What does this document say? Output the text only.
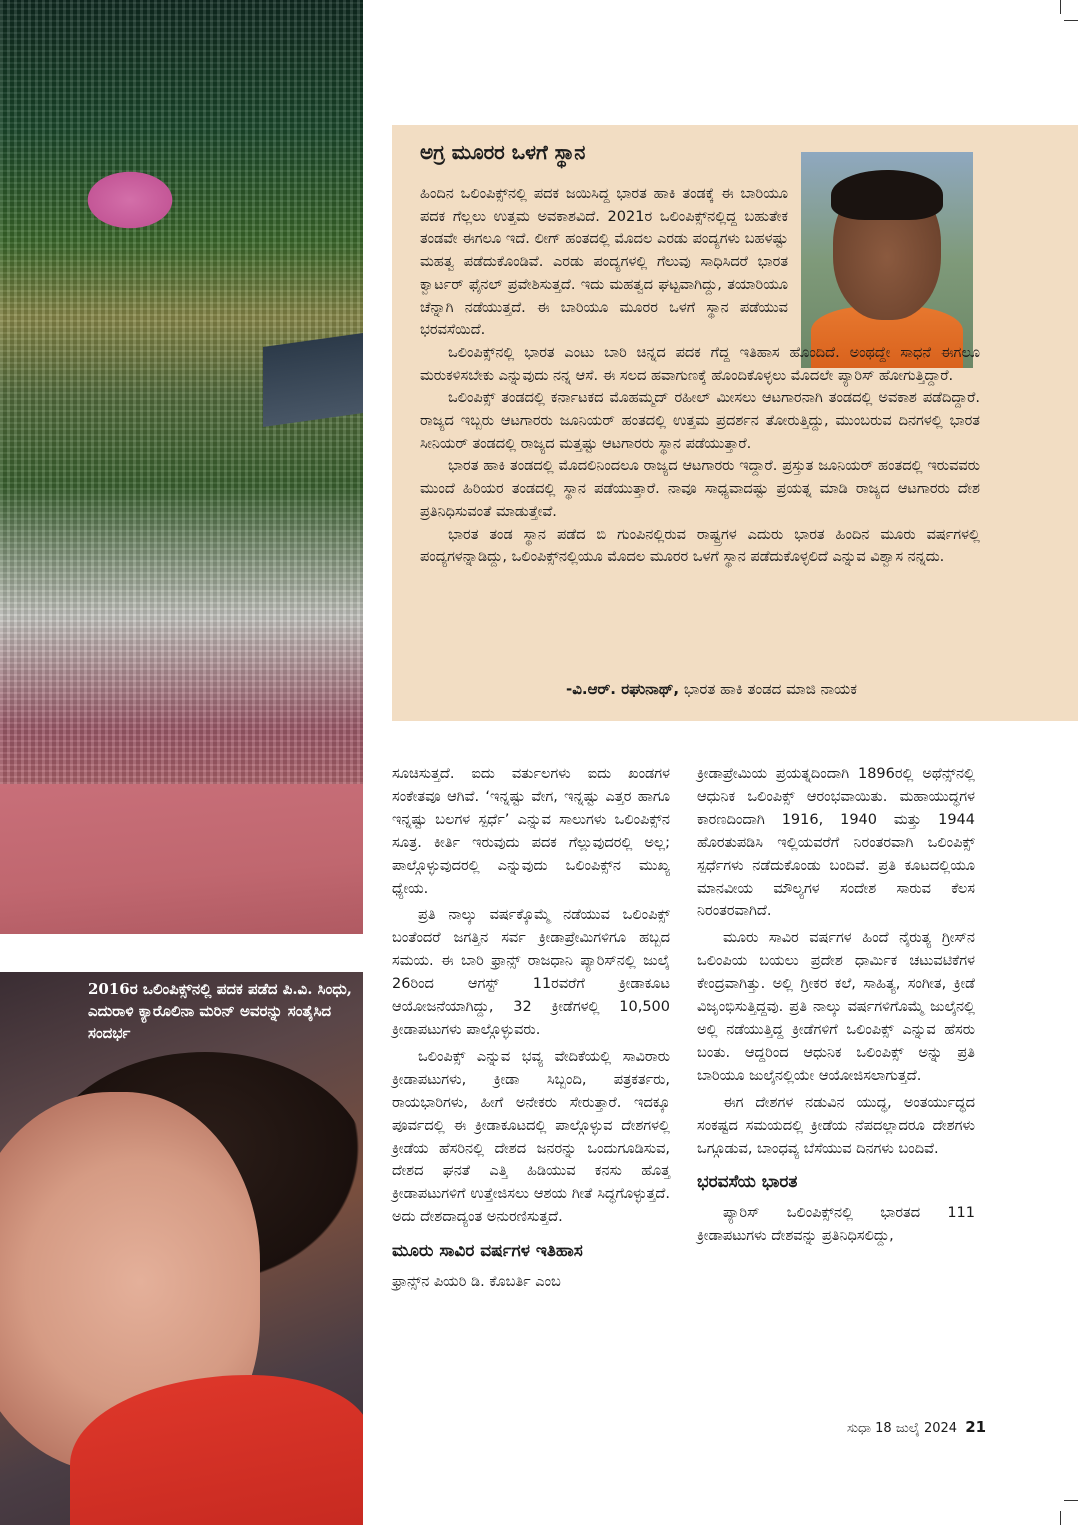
2016ರ ಒಲಿಂಪಿಕ್ಸ್‌ನಲ್ಲಿ ಪದಕ ಪಡೆದ ಪಿ.ವಿ. ಸಿಂಧು, ಎದುರಾಳಿ ಕ್ಯಾರೊಲಿನಾ ಮರಿನ್ ಅವರನ್ನು ಸಂತೈಸಿದ ಸಂದರ್ಭ
ಅಗ್ರ ಮೂರರ ಒಳಗೆ ಸ್ಥಾನ

ಹಿಂದಿನ ಒಲಿಂಪಿಕ್ಸ್‌ನಲ್ಲಿ ಪದಕ ಜಯಿಸಿದ್ದ ಭಾರತ ಹಾಕಿ ತಂಡಕ್ಕೆ ಈ ಬಾರಿಯೂ ಪದಕ ಗೆಲ್ಲಲು ಉತ್ತಮ ಅವಕಾಶವಿದೆ. 2021ರ ಒಲಿಂಪಿಕ್ಸ್‌ನಲ್ಲಿದ್ದ ಬಹುತೇಕ ತಂಡವೇ ಈಗಲೂ ಇದೆ. ಲೀಗ್ ಹಂತದಲ್ಲಿ ಮೊದಲ ಎರಡು ಪಂದ್ಯಗಳು ಬಹಳಷ್ಟು ಮಹತ್ವ ಪಡೆದುಕೊಂಡಿವೆ. ಎರಡು ಪಂದ್ಯಗಳಲ್ಲಿ ಗೆಲುವು ಸಾಧಿಸಿದರೆ ಭಾರತ ಕ್ವಾರ್ಟರ್ ಫೈನಲ್ ಪ್ರವೇಶಿಸುತ್ತದೆ. ಇದು ಮಹತ್ವದ ಘಟ್ಟವಾಗಿದ್ದು, ತಯಾರಿಯೂ ಚೆನ್ನಾಗಿ ನಡೆಯುತ್ತದೆ. ಈ ಬಾರಿಯೂ ಮೂರರ ಒಳಗೆ ಸ್ಥಾನ ಪಡೆಯುವ ಭರವಸೆಯಿದೆ.

ಒಲಿಂಪಿಕ್ಸ್‌ನಲ್ಲಿ ಭಾರತ ಎಂಟು ಬಾರಿ ಚಿನ್ನದ ಪದಕ ಗೆದ್ದ ಇತಿಹಾಸ ಹೊಂದಿದೆ. ಅಂಥದ್ದೇ ಸಾಧನೆ ಈಗಲೂ ಮರುಕಳಿಸಬೇಕು ಎನ್ನುವುದು ನನ್ನ ಆಸೆ. ಈ ಸಲದ ಹವಾಗುಣಕ್ಕೆ ಹೊಂದಿಕೊಳ್ಳಲು ಮೊದಲೇ ಪ್ಯಾರಿಸ್ ಹೋಗುತ್ತಿದ್ದಾರೆ.

ಒಲಿಂಪಿಕ್ಸ್ ತಂಡದಲ್ಲಿ ಕರ್ನಾಟಕದ ಮೊಹಮ್ಮದ್ ರಹೀಲ್ ಮೀಸಲು ಆಟಗಾರನಾಗಿ ತಂಡದಲ್ಲಿ ಅವಕಾಶ ಪಡೆದಿದ್ದಾರೆ. ರಾಜ್ಯದ ಇಬ್ಬರು ಆಟಗಾರರು ಜೂನಿಯರ್ ಹಂತದಲ್ಲಿ ಉತ್ತಮ ಪ್ರದರ್ಶನ ತೋರುತ್ತಿದ್ದು, ಮುಂಬರುವ ದಿನಗಳಲ್ಲಿ ಭಾರತ ಸೀನಿಯರ್ ತಂಡದಲ್ಲಿ ರಾಜ್ಯದ ಮತ್ತಷ್ಟು ಆಟಗಾರರು ಸ್ಥಾನ ಪಡೆಯುತ್ತಾರೆ.

ಭಾರತ ಹಾಕಿ ತಂಡದಲ್ಲಿ ಮೊದಲಿನಿಂದಲೂ ರಾಜ್ಯದ ಆಟಗಾರರು ಇದ್ದಾರೆ. ಪ್ರಸ್ತುತ ಜೂನಿಯರ್ ಹಂತದಲ್ಲಿ ಇರುವವರು ಮುಂದೆ ಹಿರಿಯರ ತಂಡದಲ್ಲಿ ಸ್ಥಾನ ಪಡೆಯುತ್ತಾರೆ. ನಾವೂ ಸಾಧ್ಯವಾದಷ್ಟು ಪ್ರಯತ್ನ ಮಾಡಿ ರಾಜ್ಯದ ಆಟಗಾರರು ದೇಶ ಪ್ರತಿನಿಧಿಸುವಂತೆ ಮಾಡುತ್ತೇವೆ.

ಭಾರತ ತಂಡ ಸ್ಥಾನ ಪಡೆದ ಬಿ ಗುಂಪಿನಲ್ಲಿರುವ ರಾಷ್ಟ್ರಗಳ ಎದುರು ಭಾರತ ಹಿಂದಿನ ಮೂರು ವರ್ಷಗಳಲ್ಲಿ ಪಂದ್ಯಗಳನ್ನಾಡಿದ್ದು, ಒಲಿಂಪಿಕ್ಸ್‌ನಲ್ಲಿಯೂ ಮೊದಲ ಮೂರರ ಒಳಗೆ ಸ್ಥಾನ ಪಡೆದುಕೊಳ್ಳಲಿದೆ ಎನ್ನುವ ವಿಶ್ವಾಸ ನನ್ನದು.

-ವಿ.ಆರ್. ರಘುನಾಥ್, ಭಾರತ ಹಾಕಿ ತಂಡದ ಮಾಜಿ ನಾಯಕ

ಸೂಚಿಸುತ್ತದೆ. ಐದು ವರ್ತುಲಗಳು ಐದು ಖಂಡಗಳ ಸಂಕೇತವೂ ಆಗಿವೆ. ‘ಇನ್ನಷ್ಟು ವೇಗ, ಇನ್ನಷ್ಟು ಎತ್ತರ ಹಾಗೂ ಇನ್ನಷ್ಟು ಬಲಗಳ ಸ್ಪರ್ಧೆ’ ಎನ್ನುವ ಸಾಲುಗಳು ಒಲಿಂಪಿಕ್ಸ್‌ನ ಸೂತ್ರ. ಕೀರ್ತಿ ಇರುವುದು ಪದಕ ಗೆಲ್ಲುವುದರಲ್ಲಿ ಅಲ್ಲ; ಪಾಲ್ಗೊಳ್ಳುವುದರಲ್ಲಿ ಎನ್ನುವುದು ಒಲಿಂಪಿಕ್ಸ್‌ನ ಮುಖ್ಯ ಧ್ಯೇಯ.

ಪ್ರತಿ ನಾಲ್ಕು ವರ್ಷಕ್ಕೊಮ್ಮೆ ನಡೆಯುವ ಒಲಿಂಪಿಕ್ಸ್ ಬಂತೆಂದರೆ ಜಗತ್ತಿನ ಸರ್ವ ಕ್ರೀಡಾಪ್ರೇಮಿಗಳಿಗೂ ಹಬ್ಬದ ಸಮಯ. ಈ ಬಾರಿ ಫ್ರಾನ್ಸ್ ರಾಜಧಾನಿ ಪ್ಯಾರಿಸ್‌ನಲ್ಲಿ ಜುಲೈ 26ರಿಂದ ಆಗಸ್ಟ್ 11ರವರೆಗೆ ಕ್ರೀಡಾಕೂಟ ಆಯೋಜನೆಯಾಗಿದ್ದು, 32 ಕ್ರೀಡೆಗಳಲ್ಲಿ 10,500 ಕ್ರೀಡಾಪಟುಗಳು ಪಾಲ್ಗೊಳ್ಳುವರು.

ಒಲಿಂಪಿಕ್ಸ್ ಎನ್ನುವ ಭವ್ಯ ವೇದಿಕೆಯಲ್ಲಿ ಸಾವಿರಾರು ಕ್ರೀಡಾಪಟುಗಳು, ಕ್ರೀಡಾ ಸಿಬ್ಬಂದಿ, ಪತ್ರಕರ್ತರು, ರಾಯಭಾರಿಗಳು, ಹೀಗೆ ಅನೇಕರು ಸೇರುತ್ತಾರೆ. ಇದಕ್ಕೂ ಪೂರ್ವದಲ್ಲಿ ಈ ಕ್ರೀಡಾಕೂಟದಲ್ಲಿ ಪಾಲ್ಗೊಳ್ಳುವ ದೇಶಗಳಲ್ಲಿ ಕ್ರೀಡೆಯ ಹೆಸರಿನಲ್ಲಿ ದೇಶದ ಜನರನ್ನು ಒಂದುಗೂಡಿಸುವ, ದೇಶದ ಘನತೆ ಎತ್ತಿ ಹಿಡಿಯುವ ಕನಸು ಹೊತ್ತ ಕ್ರೀಡಾಪಟುಗಳಿಗೆ ಉತ್ತೇಜಿಸಲು ಆಶಯ ಗೀತೆ ಸಿದ್ಧಗೊಳ್ಳುತ್ತದೆ. ಅದು ದೇಶದಾದ್ಯಂತ ಅನುರಣಿಸುತ್ತದೆ.

ಮೂರು ಸಾವಿರ ವರ್ಷಗಳ ಇತಿಹಾಸ

ಫ್ರಾನ್ಸ್‌ನ ಪಿಯರಿ ಡಿ. ಕೊಬರ್ತಿ ಎಂಬ

ಕ್ರೀಡಾಪ್ರೇಮಿಯ ಪ್ರಯತ್ನದಿಂದಾಗಿ 1896ರಲ್ಲಿ ಅಥೆನ್ಸ್‌ನಲ್ಲಿ ಆಧುನಿಕ ಒಲಿಂಪಿಕ್ಸ್ ಆರಂಭವಾಯಿತು. ಮಹಾಯುದ್ಧಗಳ ಕಾರಣದಿಂದಾಗಿ 1916, 1940 ಮತ್ತು 1944 ಹೊರತುಪಡಿಸಿ ಇಲ್ಲಿಯವರೆಗೆ ನಿರಂತರವಾಗಿ ಒಲಿಂಪಿಕ್ಸ್ ಸ್ಪರ್ಧೆಗಳು ನಡೆದುಕೊಂಡು ಬಂದಿವೆ. ಪ್ರತಿ ಕೂಟದಲ್ಲಿಯೂ ಮಾನವೀಯ ಮೌಲ್ಯಗಳ ಸಂದೇಶ ಸಾರುವ ಕೆಲಸ ನಿರಂತರವಾಗಿದೆ.

ಮೂರು ಸಾವಿರ ವರ್ಷಗಳ ಹಿಂದೆ ನೈರುತ್ಯ ಗ್ರೀಸ್‌ನ ಒಲಿಂಪಿಯ ಬಯಲು ಪ್ರದೇಶ ಧಾರ್ಮಿಕ ಚಟುವಟಿಕೆಗಳ ಕೇಂದ್ರವಾಗಿತ್ತು. ಅಲ್ಲಿ ಗ್ರೀಕರ ಕಲೆ, ಸಾಹಿತ್ಯ, ಸಂಗೀತ, ಕ್ರೀಡೆ ವಿಜೃಂಭಿಸುತ್ತಿದ್ದವು. ಪ್ರತಿ ನಾಲ್ಕು ವರ್ಷಗಳಿಗೊಮ್ಮೆ ಜುಲೈನಲ್ಲಿ ಅಲ್ಲಿ ನಡೆಯುತ್ತಿದ್ದ ಕ್ರೀಡೆಗಳಿಗೆ ಒಲಿಂಪಿಕ್ಸ್ ಎನ್ನುವ ಹೆಸರು ಬಂತು. ಆದ್ದರಿಂದ ಆಧುನಿಕ ಒಲಿಂಪಿಕ್ಸ್ ಅನ್ನು ಪ್ರತಿ ಬಾರಿಯೂ ಜುಲೈನಲ್ಲಿಯೇ ಆಯೋಜಿಸಲಾಗುತ್ತದೆ.

ಈಗ ದೇಶಗಳ ನಡುವಿನ ಯುದ್ಧ, ಅಂತರ್ಯುದ್ಧದ ಸಂಕಷ್ಟದ ಸಮಯದಲ್ಲಿ ಕ್ರೀಡೆಯ ನೆಪದಲ್ಲಾದರೂ ದೇಶಗಳು ಒಗ್ಗೂಡುವ, ಬಾಂಧವ್ಯ ಬೆಸೆಯುವ ದಿನಗಳು ಬಂದಿವೆ.

ಭರವಸೆಯ ಭಾರತ

ಪ್ಯಾರಿಸ್ ಒಲಿಂಪಿಕ್ಸ್‌ನಲ್ಲಿ ಭಾರತದ 111 ಕ್ರೀಡಾಪಟುಗಳು ದೇಶವನ್ನು ಪ್ರತಿನಿಧಿಸಲಿದ್ದು,

ಸುಧಾ 18 ಜುಲೈ 2024 21
